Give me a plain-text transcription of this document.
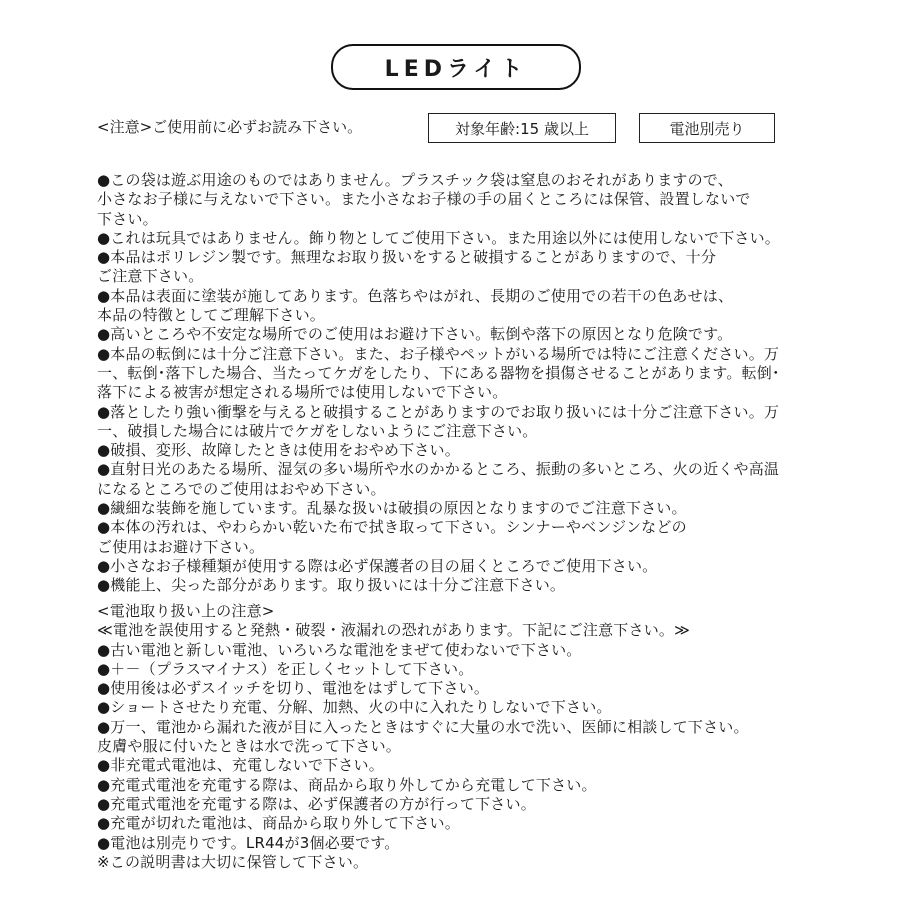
LEDライト
<注意>ご使用前に必ずお読み下さい。	対象年齢:15 歳以上	電池別売り
●この袋は遊ぶ用途のものではありません。プラスチック袋は窒息のおそれがありますので、
小さなお子様に与えないで下さい。また小さなお子様の手の届くところには保管、設置しないで
下さい。
●これは玩具ではありません。飾り物としてご使用下さい。また用途以外には使用しないで下さい。
●本品はポリレジン製です。無理なお取り扱いをすると破損することがありますので、十分
ご注意下さい。
●本品は表面に塗装が施してあります。色落ちやはがれ、長期のご使用での若干の色あせは、
本品の特徴としてご理解下さい。
●高いところや不安定な場所でのご使用はお避け下さい。転倒や落下の原因となり危険です。
●本品の転倒には十分ご注意下さい。また、お子様やペットがいる場所では特にご注意ください。万
一、転倒･落下した場合、当たってケガをしたり、下にある器物を損傷させることがあります。転倒･
落下による被害が想定される場所では使用しないで下さい。
●落としたり強い衝撃を与えると破損することがありますのでお取り扱いには十分ご注意下さい。万
一、破損した場合には破片でケガをしないようにご注意下さい。
●破損、変形、故障したときは使用をおやめ下さい。
●直射日光のあたる場所、湿気の多い場所や水のかかるところ、振動の多いところ、火の近くや高温
になるところでのご使用はおやめ下さい。
●繊細な装飾を施しています。乱暴な扱いは破損の原因となりますのでご注意下さい。
●本体の汚れは、やわらかい乾いた布で拭き取って下さい。シンナーやベンジンなどの
ご使用はお避け下さい。
●小さなお子様種類が使用する際は必ず保護者の目の届くところでご使用下さい。
●機能上、尖った部分があります。取り扱いには十分ご注意下さい。
<電池取り扱い上の注意>
≪電池を誤使用すると発熱・破裂・液漏れの恐れがあります。下記にご注意下さい。≫
●古い電池と新しい電池、いろいろな電池をまぜて使わないで下さい。
●＋－（プラスマイナス）を正しくセットして下さい。
●使用後は必ずスイッチを切り、電池をはずして下さい。
●ショートさせたり充電、分解、加熱、火の中に入れたりしないで下さい。
●万一、電池から漏れた液が目に入ったときはすぐに大量の水で洗い、医師に相談して下さい。
皮膚や服に付いたときは水で洗って下さい。
●非充電式電池は、充電しないで下さい。
●充電式電池を充電する際は、商品から取り外してから充電して下さい。
●充電式電池を充電する際は、必ず保護者の方が行って下さい。
●充電が切れた電池は、商品から取り外して下さい。
●電池は別売りです。LR44が3個必要です。
※この説明書は大切に保管して下さい。
